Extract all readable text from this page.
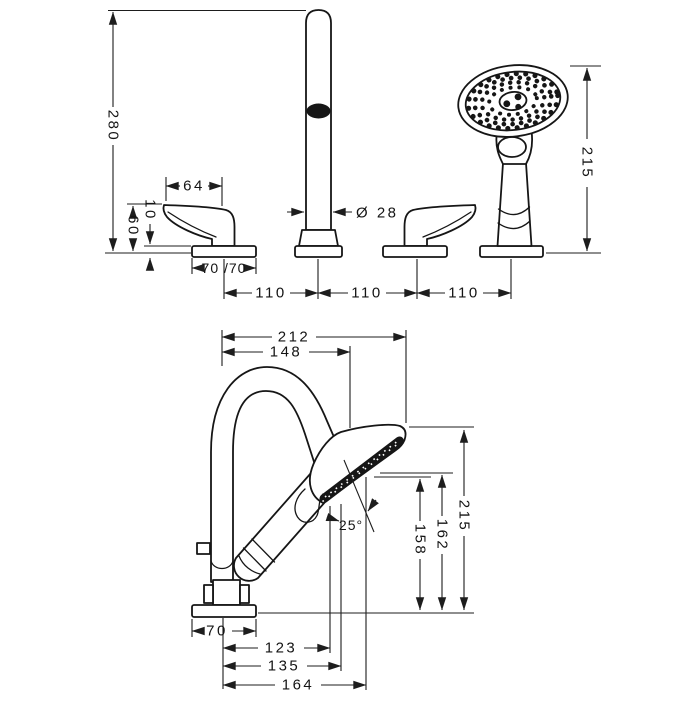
280
64
60
10	Ø 28
215
70 /70
110	110	110
212
148
25°	158 162
215
70
123
135
164
